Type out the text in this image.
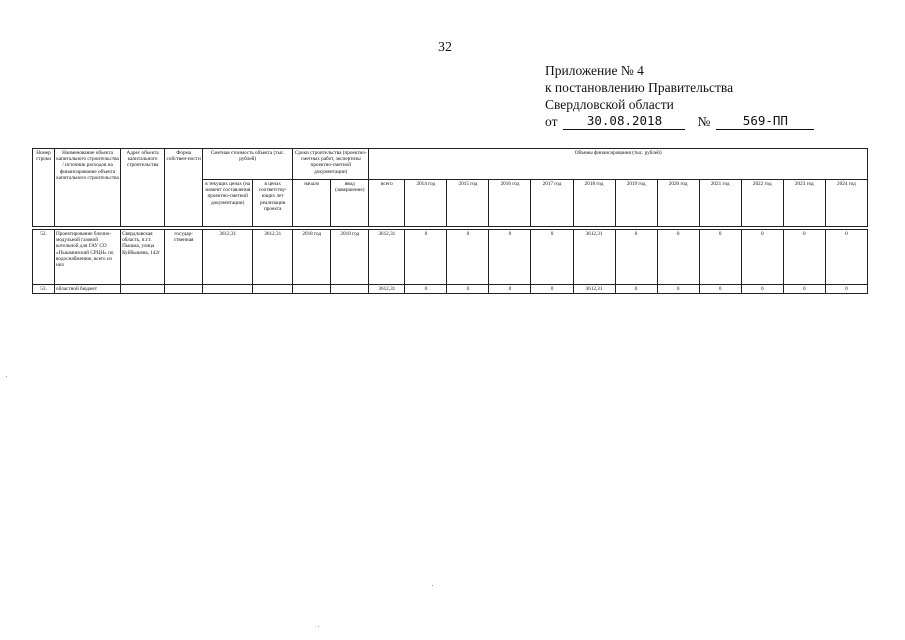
32
Приложение № 4
к постановлению Правительства
Свердловской области
от	30.08.2018	№	569-ПП
Номер строки	Наименование объекта капитального строительства / источник расходов на финансирование объекта капитального строительства	Адрес объекта капитального строительства	Форма собствен-ности	Сметная стоимость объекта (тыс. рублей)		Сроки строительства (проектно-сметных работ, экспертизы проектно-сметной документации)		Объемы финансирования (тыс. рублей)											
				в текущих ценах (на момент составления проектно-сметной документации)	в ценах соответству-ющих лет реализации проекта	начало	ввод (завершение)	всего	2014 год	2015 год	2016 год	2017 год	2018 год	2019 год	2020 год	2021 год	2022 год	2023 год	2024 год

52.	Проектирование блочно-модульной газовой котельной для ГАУ СО «Пышминский СРЦН» по водоснабжению, всего из них	Свердловская область, п.г.т. Пышма, улица Куйбышева, 142г	государ-ственная	3612,31	3612,31	2018 год	2018 год	3612,31	0	0	0	0	3612,31	0	0	0	0	0	0
53.	областной бюджет							3612,31	0	0	0	0	3612,31	0	0	0	0	0	0
